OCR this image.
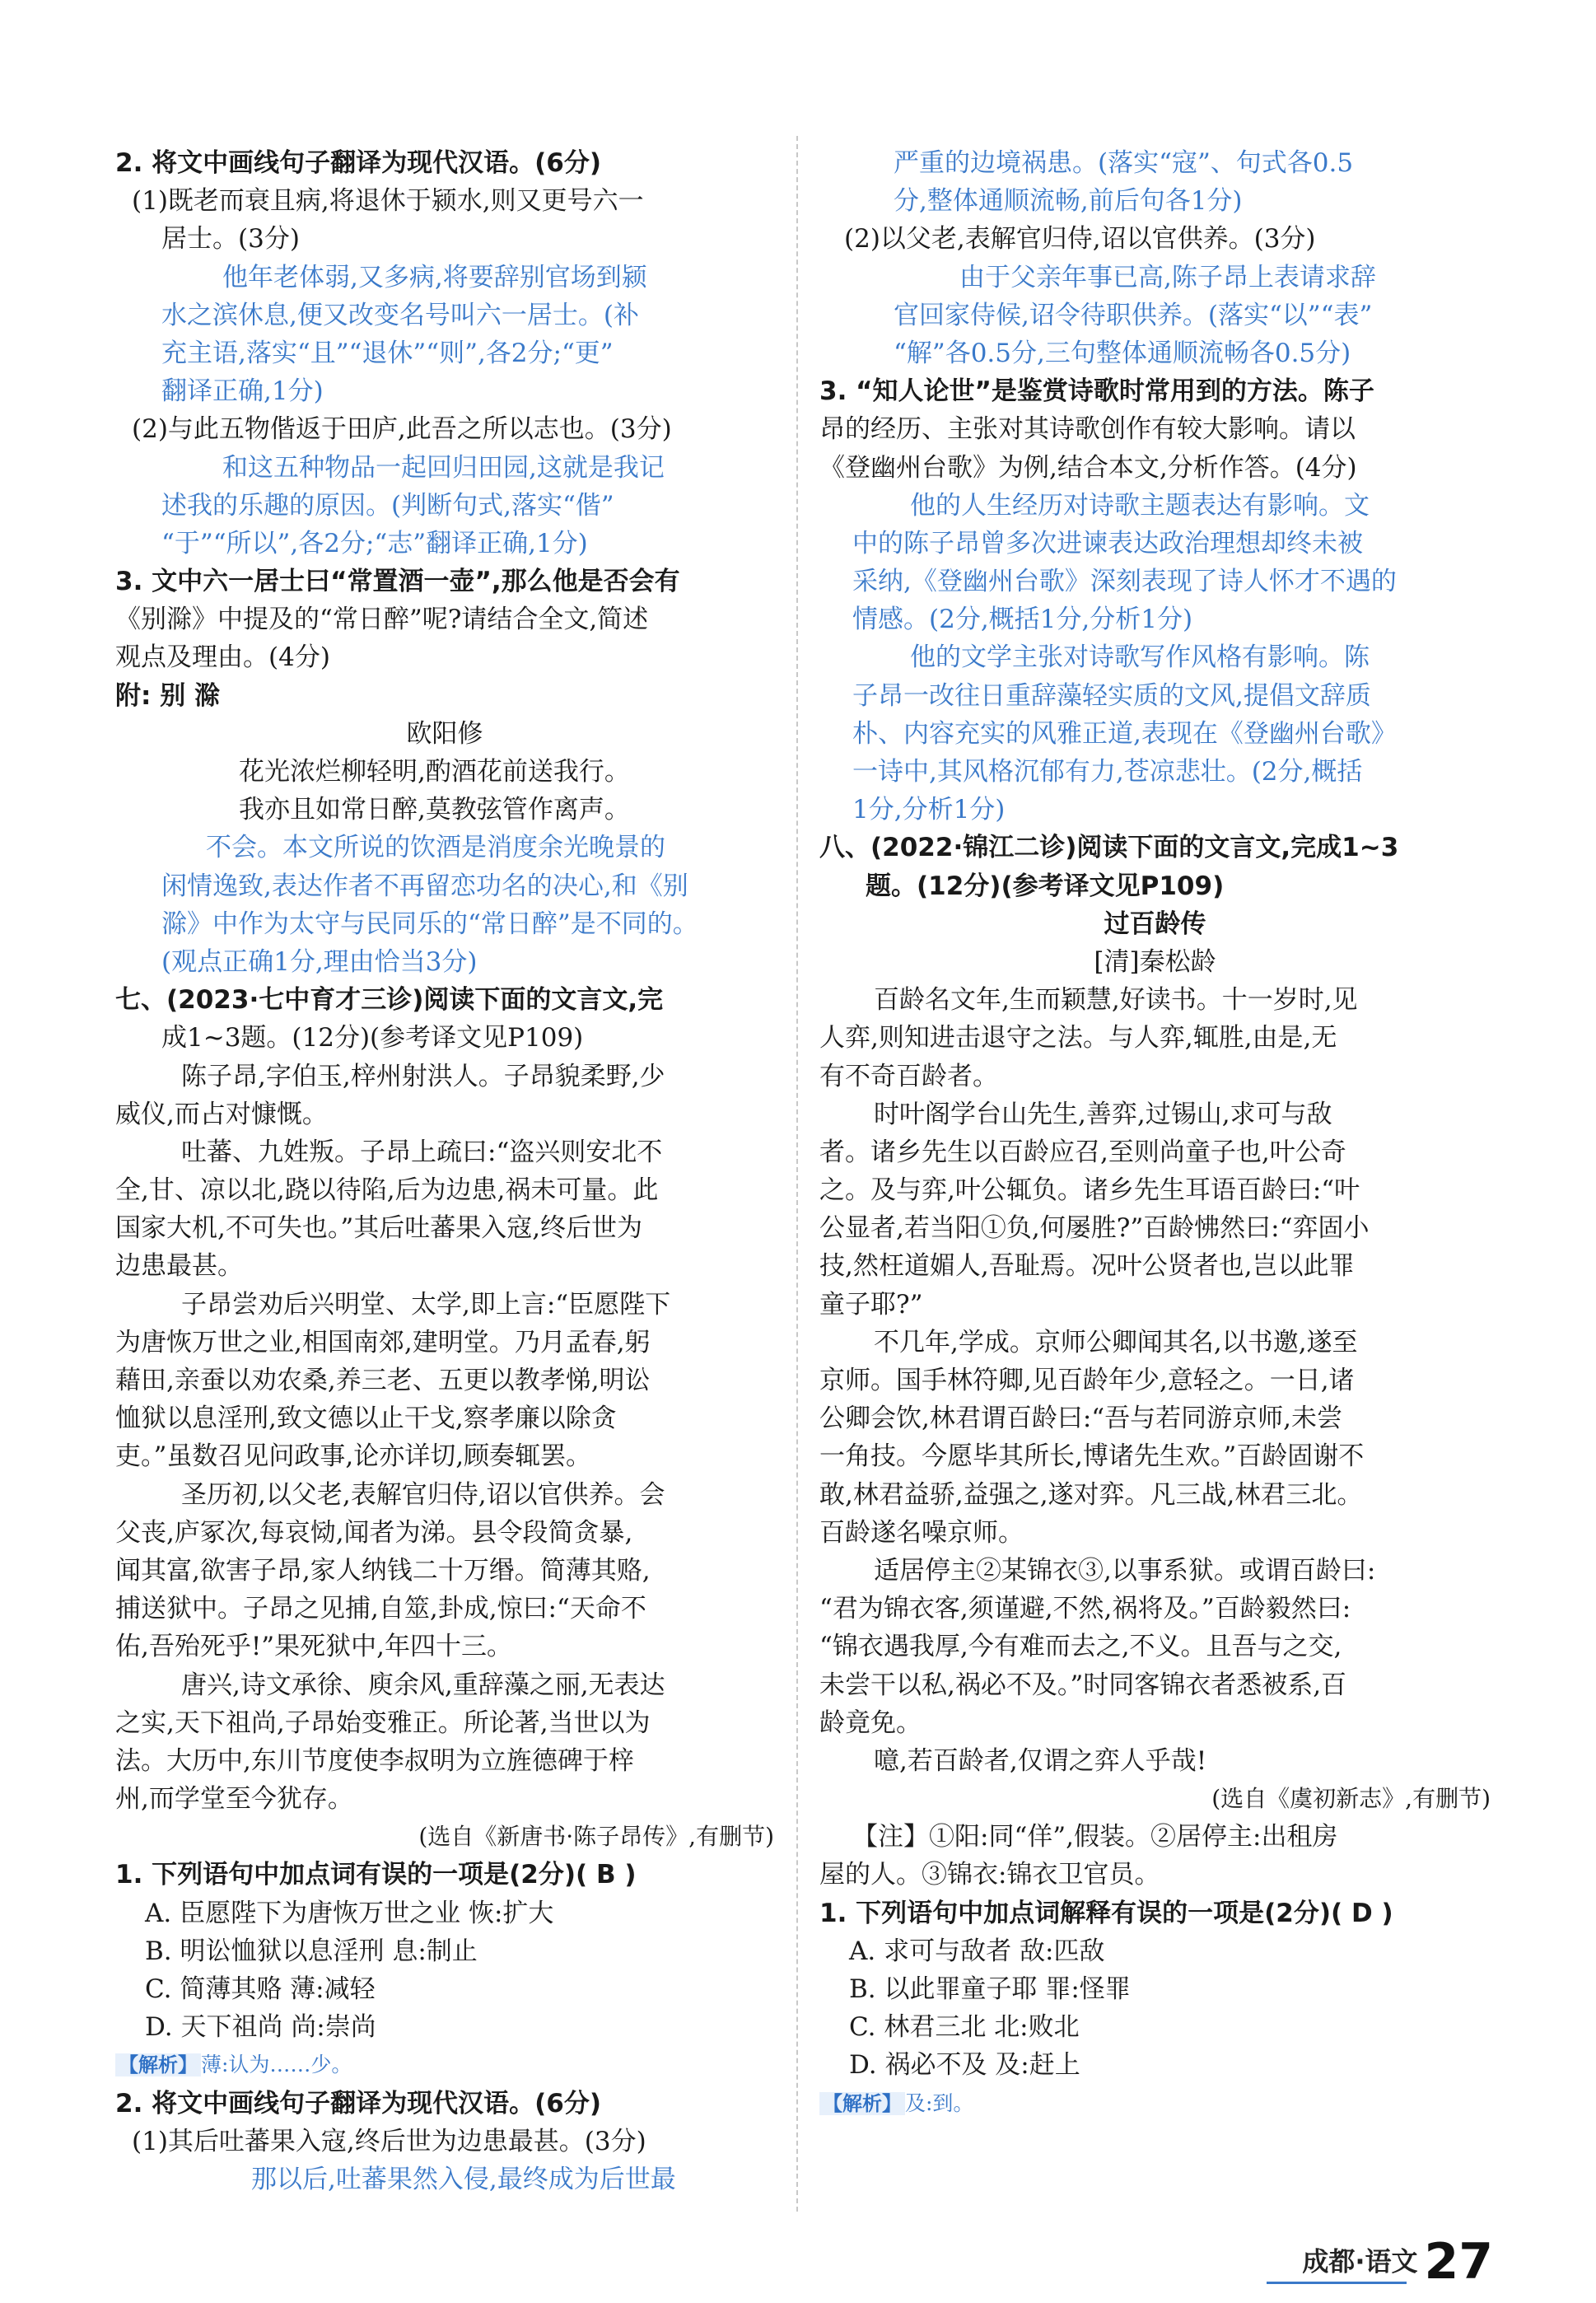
2. 将文中画线句子翻译为现代汉语。(6分)
(1)既老而衰且病,将退休于颍水,则又更号六一
居士。(3分)
他年老体弱,又多病,将要辞别官场到颍
水之滨休息,便又改变名号叫六一居士。(补
充主语,落实“且”“退休”“则”,各2分;“更”
翻译正确,1分)
(2)与此五物偕返于田庐,此吾之所以志也。(3分)
和这五种物品一起回归田园,这就是我记
述我的乐趣的原因。(判断句式,落实“偕”
“于”“所以”,各2分;“志”翻译正确,1分)
3. 文中六一居士曰“常置酒一壶”,那么他是否会有
《别滁》中提及的“常日醉”呢?请结合全文,简述
观点及理由。(4分)
附: 别 滁
欧阳修
花光浓烂柳轻明,酌酒花前送我行。
我亦且如常日醉,莫教弦管作离声。
不会。本文所说的饮酒是消度余光晚景的
闲情逸致,表达作者不再留恋功名的决心,和《别
滁》中作为太守与民同乐的“常日醉”是不同的。
(观点正确1分,理由恰当3分)
七、(2023·七中育才三诊)阅读下面的文言文,完
成1~3题。(12分)(参考译文见P109)
陈子昂,字伯玉,梓州射洪人。子昂貌柔野,少
威仪,而占对慷慨。
吐蕃、九姓叛。子昂上疏曰:“盗兴则安北不
全,甘、凉以北,跷以待陷,后为边患,祸未可量。此
国家大机,不可失也。”其后吐蕃果入寇,终后世为
边患最甚。
子昂尝劝后兴明堂、太学,即上言:“臣愿陛下
为唐恢万世之业,相国南郊,建明堂。乃月孟春,躬
藉田,亲蚕以劝农桑,养三老、五更以教孝悌,明讼
恤狱以息淫刑,致文德以止干戈,察孝廉以除贪
吏。”虽数召见问政事,论亦详切,顾奏辄罢。
圣历初,以父老,表解官归侍,诏以官供养。会
父丧,庐冢次,每哀恸,闻者为涕。县令段简贪暴,
闻其富,欲害子昂,家人纳钱二十万缗。简薄其赂,
捕送狱中。子昂之见捕,自筮,卦成,惊曰:“天命不
佑,吾殆死乎!”果死狱中,年四十三。
唐兴,诗文承徐、庾余风,重辞藻之丽,无表达
之实,天下祖尚,子昂始变雅正。所论著,当世以为
法。大历中,东川节度使李叔明为立旌德碑于梓
州,而学堂至今犹存。
(选自《新唐书·陈子昂传》,有删节)
1. 下列语句中加点词有误的一项是(2分)( B )
A. 臣愿陛下为唐恢万世之业 恢:扩大
B. 明讼恤狱以息淫刑 息:制止
C. 简薄其赂 薄:减轻
D. 天下祖尚 尚:崇尚
【解析】 薄:认为……少。
2. 将文中画线句子翻译为现代汉语。(6分)
(1)其后吐蕃果入寇,终后世为边患最甚。(3分)
那以后,吐蕃果然入侵,最终成为后世最
严重的边境祸患。(落实“寇”、句式各0.5
分,整体通顺流畅,前后句各1分)
(2)以父老,表解官归侍,诏以官供养。(3分)
由于父亲年事已高,陈子昂上表请求辞
官回家侍候,诏令待职供养。(落实“以”“表”
“解”各0.5分,三句整体通顺流畅各0.5分)
3. “知人论世”是鉴赏诗歌时常用到的方法。陈子
昂的经历、主张对其诗歌创作有较大影响。请以
《登幽州台歌》为例,结合本文,分析作答。(4分)
他的人生经历对诗歌主题表达有影响。文
中的陈子昂曾多次进谏表达政治理想却终未被
采纳,《登幽州台歌》深刻表现了诗人怀才不遇的
情感。(2分,概括1分,分析1分)
他的文学主张对诗歌写作风格有影响。陈
子昂一改往日重辞藻轻实质的文风,提倡文辞质
朴、内容充实的风雅正道,表现在《登幽州台歌》
一诗中,其风格沉郁有力,苍凉悲壮。(2分,概括
1分,分析1分)
八、(2022·锦江二诊)阅读下面的文言文,完成1~3
题。(12分)(参考译文见P109)
过百龄传
[清]秦松龄
百龄名文年,生而颖慧,好读书。十一岁时,见
人弈,则知进击退守之法。与人弈,辄胜,由是,无
有不奇百龄者。
时叶阁学台山先生,善弈,过锡山,求可与敌
者。诸乡先生以百龄应召,至则尚童子也,叶公奇
之。及与弈,叶公辄负。诸乡先生耳语百龄曰:“叶
公显者,若当阳①负,何屡胜?”百龄怫然曰:“弈固小
技,然枉道媚人,吾耻焉。况叶公贤者也,岂以此罪
童子耶?”
不几年,学成。京师公卿闻其名,以书邀,遂至
京师。国手林符卿,见百龄年少,意轻之。一日,诸
公卿会饮,林君谓百龄曰:“吾与若同游京师,未尝
一角技。今愿毕其所长,博诸先生欢。”百龄固谢不
敢,林君益骄,益强之,遂对弈。凡三战,林君三北。
百龄遂名噪京师。
适居停主②某锦衣③,以事系狱。或谓百龄曰:
“君为锦衣客,须谨避,不然,祸将及。”百龄毅然曰:
“锦衣遇我厚,今有难而去之,不义。且吾与之交,
未尝干以私,祸必不及。”时同客锦衣者悉被系,百
龄竟免。
噫,若百龄者,仅谓之弈人乎哉!
(选自《虞初新志》,有删节)
【注】①阳:同“佯”,假装。②居停主:出租房
屋的人。③锦衣:锦衣卫官员。
1. 下列语句中加点词解释有误的一项是(2分)( D )
A. 求可与敌者 敌:匹敌
B. 以此罪童子耶 罪:怪罪
C. 林君三北 北:败北
D. 祸必不及 及:赶上
【解析】 及:到。
成都·语文 27
